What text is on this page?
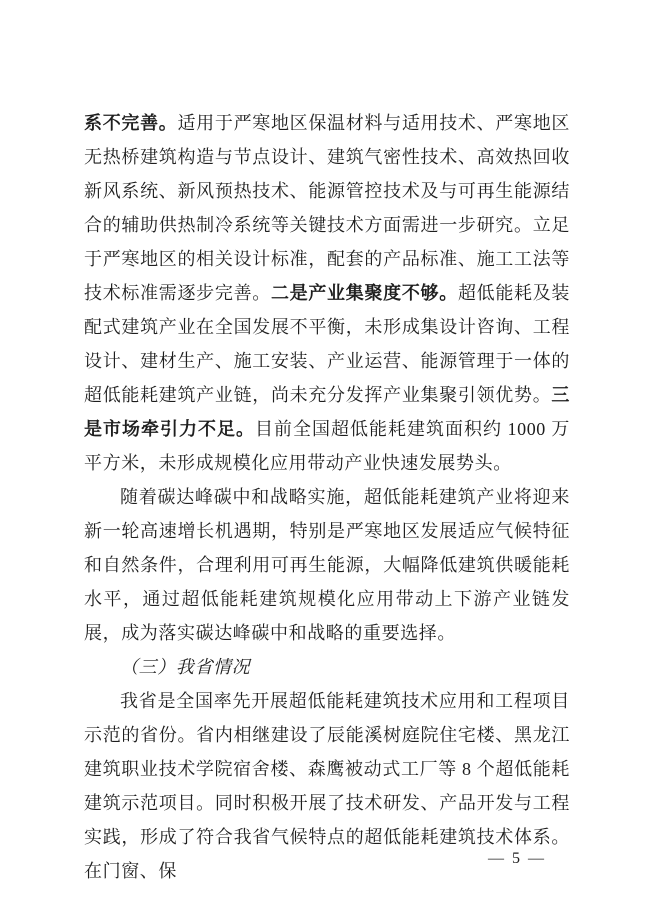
系不完善。适用于严寒地区保温材料与适用技术、严寒地区无热桥建筑构造与节点设计、建筑气密性技术、高效热回收新风系统、新风预热技术、能源管控技术及与可再生能源结合的辅助供热制冷系统等关键技术方面需进一步研究。立足于严寒地区的相关设计标准，配套的产品标准、施工工法等技术标准需逐步完善。二是产业集聚度不够。超低能耗及装配式建筑产业在全国发展不平衡，未形成集设计咨询、工程设计、建材生产、施工安装、产业运营、能源管理于一体的超低能耗建筑产业链，尚未充分发挥产业集聚引领优势。三是市场牵引力不足。目前全国超低能耗建筑面积约 1000 万平方米，未形成规模化应用带动产业快速发展势头。

随着碳达峰碳中和战略实施，超低能耗建筑产业将迎来新一轮高速增长机遇期，特别是严寒地区发展适应气候特征和自然条件，合理利用可再生能源，大幅降低建筑供暖能耗水平，通过超低能耗建筑规模化应用带动上下游产业链发展，成为落实碳达峰碳中和战略的重要选择。

（三）我省情况

我省是全国率先开展超低能耗建筑技术应用和工程项目示范的省份。省内相继建设了辰能溪树庭院住宅楼、黑龙江建筑职业技术学院宿舍楼、森鹰被动式工厂等 8 个超低能耗建筑示范项目。同时积极开展了技术研发、产品开发与工程实践，形成了符合我省气候特点的超低能耗建筑技术体系。在门窗、保

— 5 —
